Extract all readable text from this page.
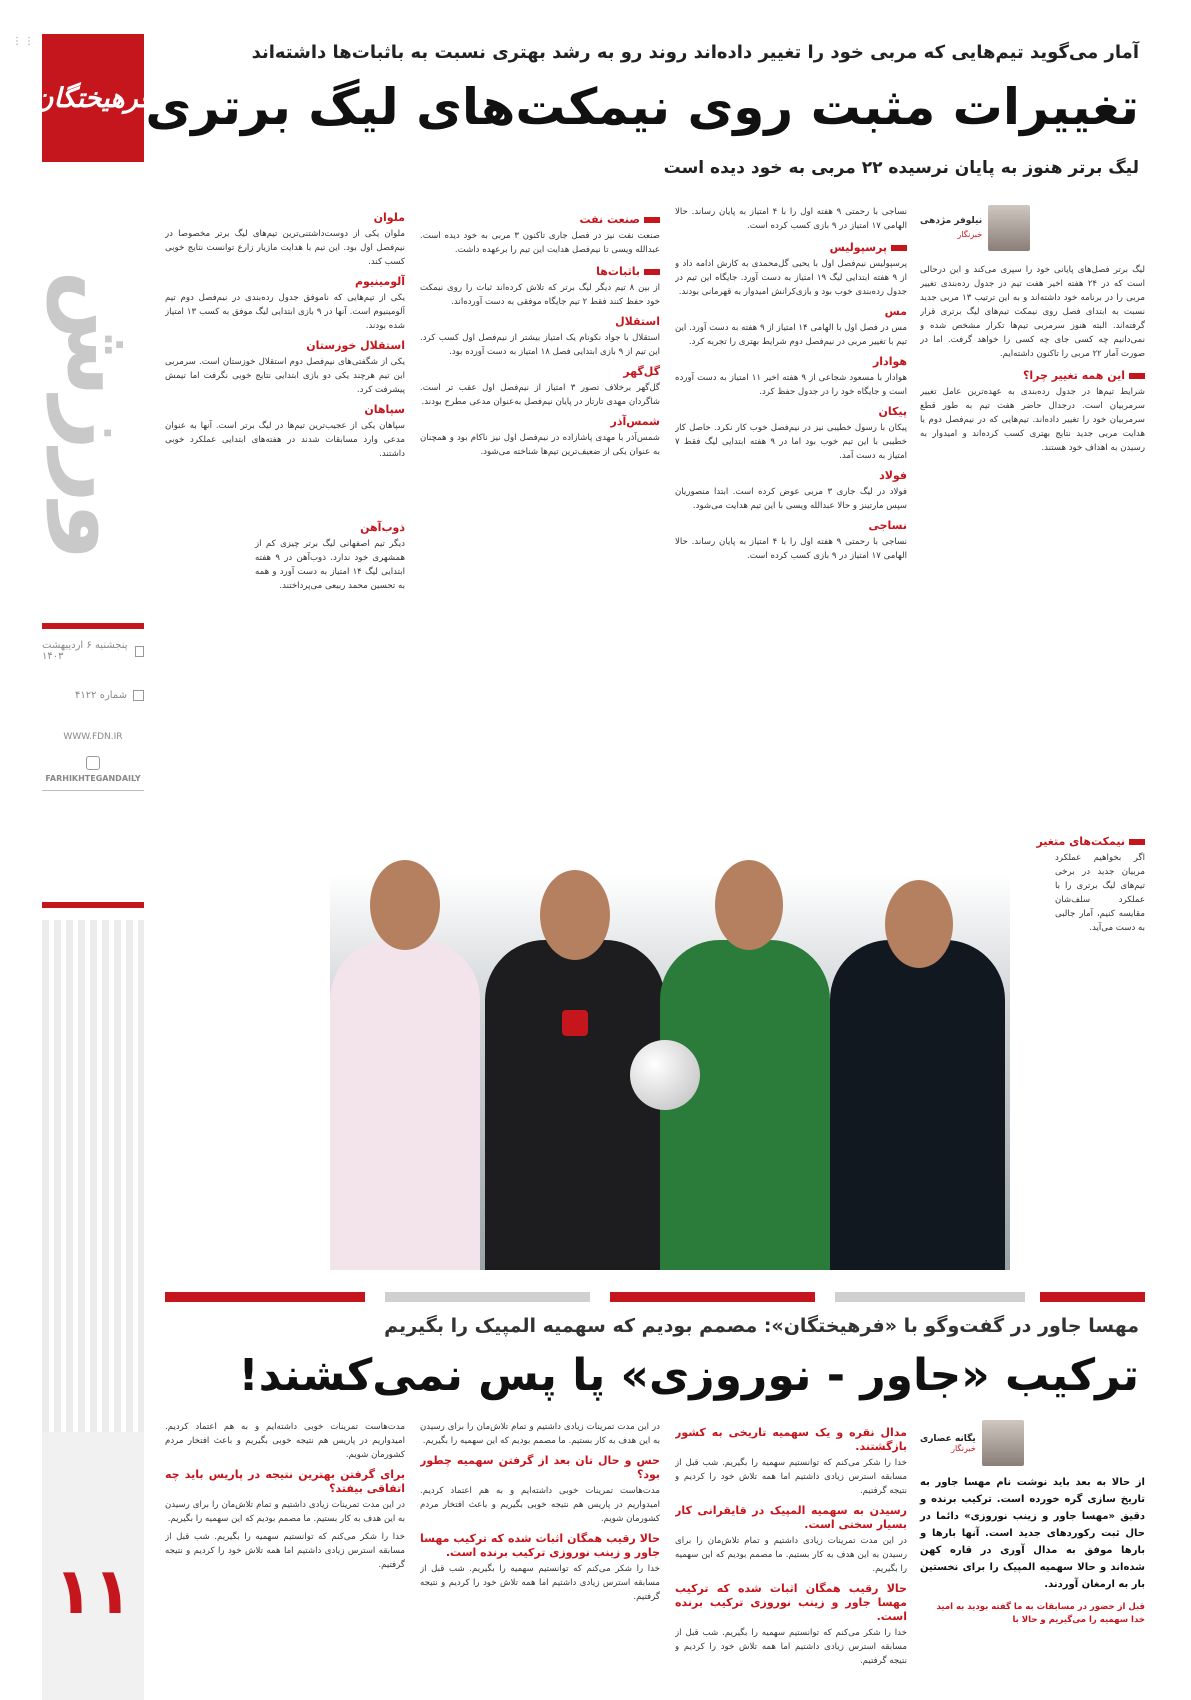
⋮⋮
فرهیختگان
ورزش
پنجشنبه ۶ اردیبهشت ۱۴۰۳
شماره ۴۱۲۲
WWW.FDN.IR
FARHIKHTEGANDAILY
۱۱
آمار می‌گوید تیم‌هایی که مربی خود را تغییر داده‌اند روند رو به رشد بهتری نسبت به باثبات‌ها داشته‌اند
تغییرات مثبت روی نیمکت‌های لیگ برتری
لیگ برتر هنوز به پایان نرسیده ۲۲ مربی به خود دیده است
نیلوفر مژدهی
خبرنگار

لیگ برتر فصل‌های پایانی خود را سپری می‌کند و این درحالی است که در ۲۴ هفته اخیر هفت تیم در جدول رده‌بندی تغییر مربی را در برنامه خود داشته‌اند و به این ترتیب ۱۳ مربی جدید نسبت به ابتدای فصل روی نیمکت تیم‌های لیگ برتری قرار گرفته‌اند. البته هنوز سرمربی تیم‌ها تکرار مشخص شده و نمی‌دانیم چه کسی جای چه کسی را خواهد گرفت. اما در صورت آمار ۲۲ مربی را تاکنون داشته‌ایم.

این همه تغییر چرا؟

شرایط تیم‌ها در جدول رده‌بندی به عهده‌ترین عامل تغییر سرمربیان است. درجدال حاضر هفت تیم به طور قطع سرمربیان خود را تغییر داده‌اند. تیم‌هایی که در نیم‌فصل دوم با هدایت مربی جدید نتایج بهتری کسب کرده‌اند و امیدوار به رسیدن به اهداف خود هستند.

نیمکت‌های متغیر

اگر بخواهیم عملکرد مربیان جدید در برخی تیم‌های لیگ برتری را با عملکرد سلف‌شان مقایسه کنیم، آمار جالبی به دست می‌آید.

نساجی با رحمتی ۹ هفته اول را با ۴ امتیاز به پایان رساند. حالا الهامی ۱۷ امتیاز در ۹ بازی کسب کرده است.

پرسپولیس

پرسپولیس نیم‌فصل اول با یحیی گل‌محمدی به کارش ادامه داد و از ۹ هفته ابتدایی لیگ ۱۹ امتیاز به دست آورد. جایگاه این تیم در جدول رده‌بندی خوب بود و بازی‌کرانش امیدوار به قهرمانی بودند.

مس

مس در فصل اول با الهامی ۱۴ امتیاز از ۹ هفته به دست آورد. این تیم با تغییر مربی در نیم‌فصل دوم شرایط بهتری را تجربه کرد.

هوادار

هوادار با مسعود شجاعی از ۹ هفته اخیر ۱۱ امتیاز به دست آورده است و جایگاه خود را در جدول حفظ کرد.

پیکان

پیکان با رسول خطیبی نیز در نیم‌فصل خوب کار نکرد. حاصل کار خطیبی با این تیم خوب بود اما در ۹ هفته ابتدایی لیگ فقط ۷ امتیاز به دست آمد.

فولاد

فولاد در لیگ جاری ۳ مربی عوض کرده است. ابتدا منصوریان سپس مارتینز و حالا عبدالله ویسی با این تیم هدایت می‌شود.

نساجی

نساجی با رحمتی ۹ هفته اول را با ۴ امتیاز به پایان رساند. حالا الهامی ۱۷ امتیاز در ۹ بازی کسب کرده است.

صنعت نفت

صنعت نفت نیز در فصل جاری تاکنون ۳ مربی به خود دیده است. عبدالله ویسی تا نیم‌فصل هدایت این تیم را برعهده داشت.

باثبات‌ها

از بین ۸ تیم دیگر لیگ برتر که تلاش کرده‌اند ثبات را روی نیمکت خود حفظ کنند فقط ۲ تیم جایگاه موفقی به دست آورده‌اند.

استقلال

استقلال با جواد نکونام یک امتیاز بیشتر از نیم‌فصل اول کسب کرد. این تیم از ۹ بازی ابتدایی فصل ۱۸ امتیاز به دست آورده بود.

گل‌گهر

گل‌گهر برخلاف تصور ۳ امتیاز از نیم‌فصل اول عقب تر است. شاگردان مهدی تارتار در پایان نیم‌فصل به‌عنوان مدعی مطرح بودند.

شمس‌آذر

شمس‌آذر با مهدی پاشازاده در نیم‌فصل اول نیز ناکام بود و همچنان به عنوان یکی از ضعیف‌ترین تیم‌ها شناخته می‌شود.

ملوان

ملوان یکی از دوست‌داشتنی‌ترین تیم‌های لیگ برتر مخصوصا در نیم‌فصل اول بود. این تیم با هدایت مازیار زارع توانست نتایج خوبی کسب کند.

آلومینیوم

یکی از تیم‌هایی که ناموفق جدول رده‌بندی در نیم‌فصل دوم تیم آلومینیوم است. آنها در ۹ بازی ابتدایی لیگ موفق به کسب ۱۳ امتیاز شده بودند.

استقلال خوزستان

یکی از شگفتی‌های نیم‌فصل دوم استقلال خوزستان است. سرمربی این تیم هرچند یکی دو بازی ابتدایی نتایج خوبی نگرفت اما تیمش پیشرفت کرد.

سپاهان

سپاهان یکی از عجیب‌ترین تیم‌ها در لیگ برتر است. آنها به عنوان مدعی وارد مسابقات شدند در هفته‌های ابتدایی عملکرد خوبی داشتند.

ذوب‌آهن

دیگر تیم اصفهانی لیگ برتر چیزی کم از همشهری خود ندارد. ذوب‌آهن در ۹ هفته ابتدایی لیگ ۱۴ امتیاز به دست آورد و همه به تحسین محمد ربیعی می‌پرداختند.

مهسا جاور در گفت‌وگو با «فرهیختگان»: مصمم بودیم که سهمیه المپیک را بگیریم
ترکیب «جاور - نوروزی» پا پس نمی‌کشند!
یگانه عصاری
خبرنگار
از حالا به بعد باید نوشت نام مهسا جاور به تاریخ سازی گره خورده است. ترکیب برنده و دقیق «مهسا جاور و زینب نوروزی» دائما در حال ثبت رکوردهای جدید است. آنها بارها و بارها موفق به مدال آوری در قاره کهن شده‌اند و حالا سهمیه المپیک را برای نخستین بار به ارمغان آوردند.
قبل از حضور در مسابقات به ما گفته بودید به امید خدا سهمیه را می‌گیریم و حالا با
مدال نقره و یک سهمیه تاریخی به کشور بازگشتند.

خدا را شکر می‌کنم که توانستیم سهمیه را بگیریم. شب قبل از مسابقه استرس زیادی داشتیم اما همه تلاش خود را کردیم و نتیجه گرفتیم.

رسیدن به سهمیه المپیک در قایقرانی کار بسیار سختی است.

در این مدت تمرینات زیادی داشتیم و تمام تلاش‌مان را برای رسیدن به این هدف به کار بستیم. ما مصمم بودیم که این سهمیه را بگیریم.

حالا رقیب همگان اثبات شده که ترکیب مهسا جاور و زینب نوروزی ترکیب برنده است.

خدا را شکر می‌کنم که توانستیم سهمیه را بگیریم. شب قبل از مسابقه استرس زیادی داشتیم اما همه تلاش خود را کردیم و نتیجه گرفتیم.

در این مدت تمرینات زیادی داشتیم و تمام تلاش‌مان را برای رسیدن به این هدف به کار بستیم. ما مصمم بودیم که این سهمیه را بگیریم.

حس و حال تان بعد از گرفتن سهمیه چطور بود؟

مدت‌هاست تمرینات خوبی داشته‌ایم و به هم اعتماد کردیم. امیدواریم در پاریس هم نتیجه خوبی بگیریم و باعث افتخار مردم کشورمان شویم.

حالا رقیب همگان اثبات شده که ترکیب مهسا جاور و زینب نوروزی ترکیب برنده است.

خدا را شکر می‌کنم که توانستیم سهمیه را بگیریم. شب قبل از مسابقه استرس زیادی داشتیم اما همه تلاش خود را کردیم و نتیجه گرفتیم.

مدت‌هاست تمرینات خوبی داشته‌ایم و به هم اعتماد کردیم. امیدواریم در پاریس هم نتیجه خوبی بگیریم و باعث افتخار مردم کشورمان شویم.

برای گرفتن بهترین نتیجه در پاریس باید چه اتفاقی بیفتد؟

در این مدت تمرینات زیادی داشتیم و تمام تلاش‌مان را برای رسیدن به این هدف به کار بستیم. ما مصمم بودیم که این سهمیه را بگیریم.

خدا را شکر می‌کنم که توانستیم سهمیه را بگیریم. شب قبل از مسابقه استرس زیادی داشتیم اما همه تلاش خود را کردیم و نتیجه گرفتیم.
